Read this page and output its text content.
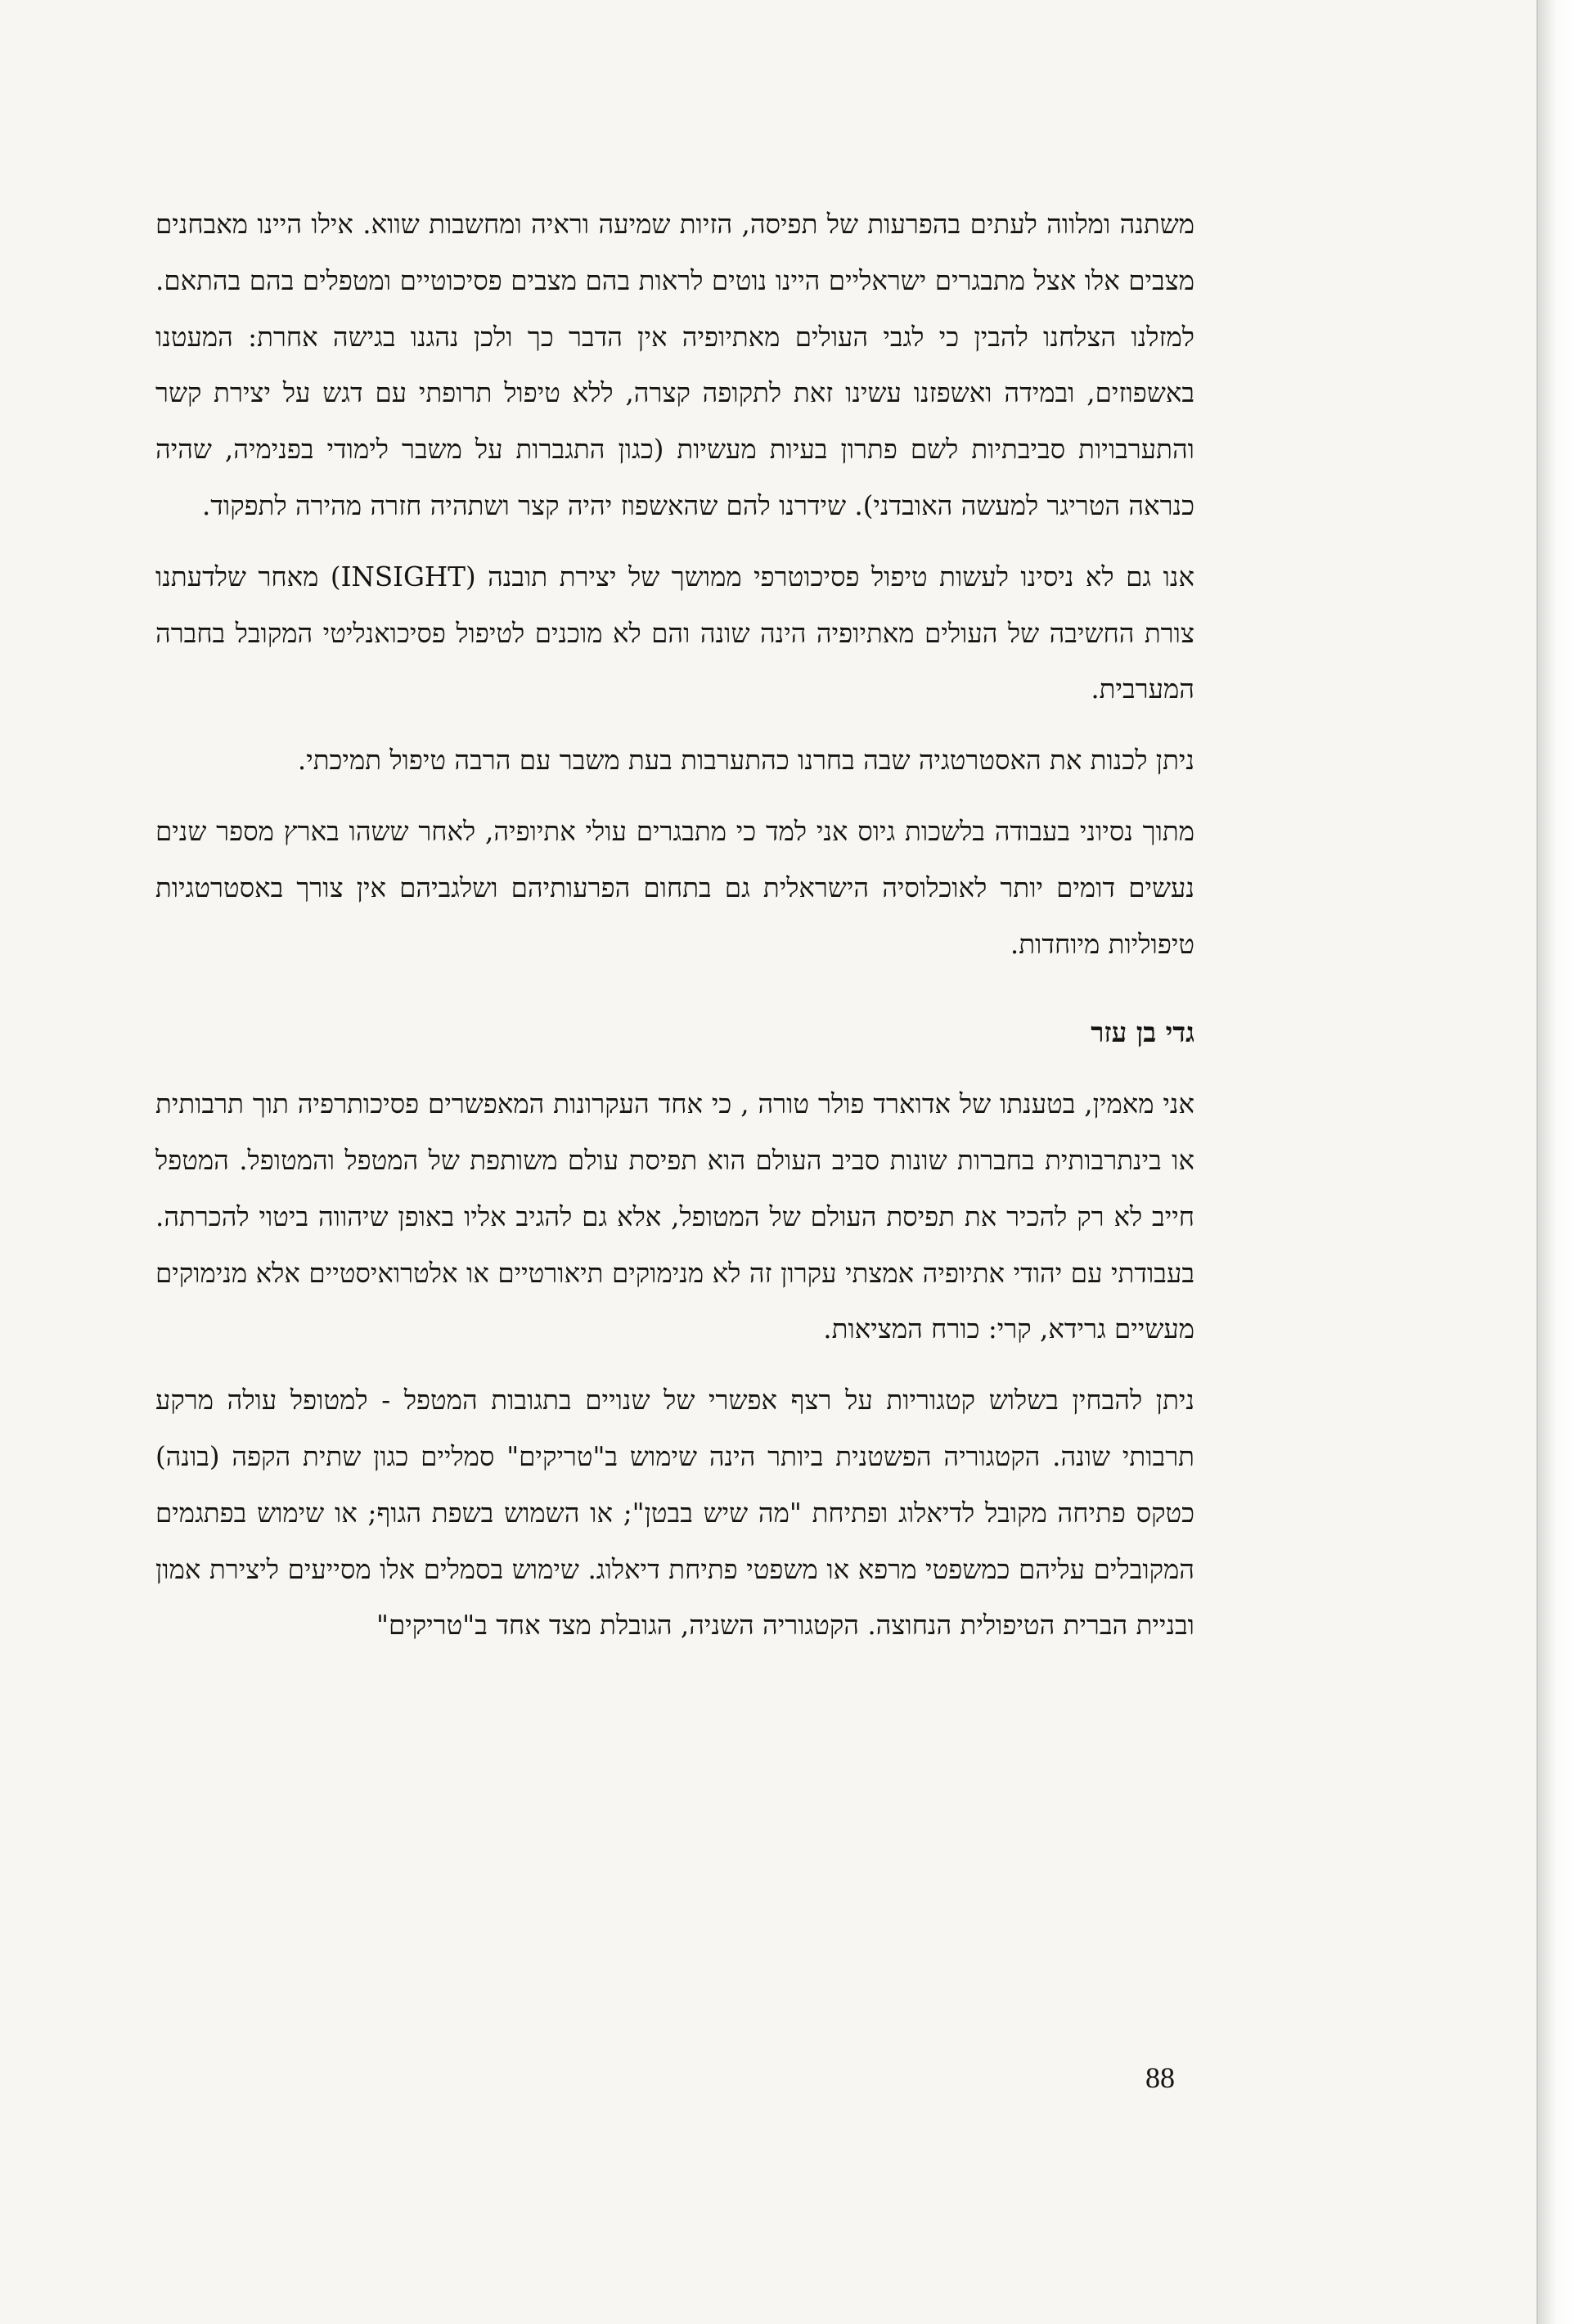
משתנה ומלווה לעתים בהפרעות של תפיסה, הזיות שמיעה וראיה ומחשבות שווא. אילו היינו מאבחנים מצבים אלו אצל מתבגרים ישראליים היינו נוטים לראות בהם מצבים פסיכוטיים ומטפלים בהם בהתאם. למזלנו הצלחנו להבין כי לגבי העולים מאתיופיה אין הדבר כך ולכן נהגנו בגישה אחרת: המעטנו באשפוזים, ובמידה ואשפזנו עשינו זאת לתקופה קצרה, ללא טיפול תרופתי עם דגש על יצירת קשר והתערבויות סביבתיות לשם פתרון בעיות מעשיות (כגון התגברות על משבר לימודי בפנימיה, שהיה כנראה הטריגר למעשה האובדני). שידרנו להם שהאשפוז יהיה קצר ושתהיה חזרה מהירה לתפקוד.

אנו גם לא ניסינו לעשות טיפול פסיכוטרפי ממושך של יצירת תובנה (INSIGHT) מאחר שלדעתנו צורת החשיבה של העולים מאתיופיה הינה שונה והם לא מוכנים לטיפול פסיכואנליטי המקובל בחברה המערבית.

ניתן לכנות את האסטרטגיה שבה בחרנו כהתערבות בעת משבר עם הרבה טיפול תמיכתי.

מתוך נסיוני בעבודה בלשכות גיוס אני למד כי מתבגרים עולי אתיופיה, לאחר ששהו בארץ מספר שנים נעשים דומים יותר לאוכלוסיה הישראלית גם בתחום הפרעותיהם ושלגביהם אין צורך באסטרטגיות טיפוליות מיוחדות.

גדי בן עזר

אני מאמין, בטענתו של אדוארד פולר טורה , כי אחד העקרונות המאפשרים פסיכותרפיה תוך תרבותית או בינתרבותית בחברות שונות סביב העולם הוא תפיסת עולם משותפת של המטפל והמטופל. המטפל חייב לא רק להכיר את תפיסת העולם של המטופל, אלא גם להגיב אליו באופן שיהווה ביטוי להכרתה. בעבודתי עם יהודי אתיופיה אמצתי עקרון זה לא מנימוקים תיאורטיים או אלטרואיסטיים אלא מנימוקים מעשיים גרידא, קרי: כורח המציאות.

ניתן להבחין בשלוש קטגוריות על רצף אפשרי של שנויים בתגובות המטפל - למטופל עולה מרקע תרבותי שונה. הקטגוריה הפשטנית ביותר הינה שימוש ב"טריקים" סמליים כגון שתית הקפה (בונה) כטקס פתיחה מקובל לדיאלוג ופתיחת "מה שיש בבטן"; או השמוש בשפת הגוף; או שימוש בפתגמים המקובלים עליהם כמשפטי מרפא או משפטי פתיחת דיאלוג. שימוש בסמלים אלו מסייעים ליצירת אמון ובניית הברית הטיפולית הנחוצה. הקטגוריה השניה, הגובלת מצד אחד ב"טריקים"

88
